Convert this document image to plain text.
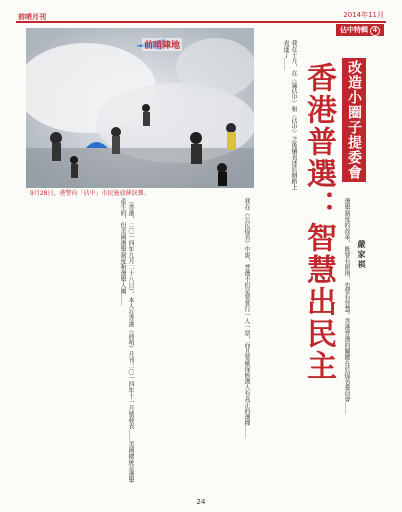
前哨月刊	2014年11月
佔中特輯 4
前哨陣地
9月28日，港警向「佔中」市民施放催淚彈。
改造小圈子提委會
香港普選：智慧出民主	嚴家祺
我在十月，在〈論佔中〉和〈佔中〉之後續表述於網路上表達了……
選舉制度的改革，既要有原則，也要有智慧。香港普選的關鍵在於提名委員會……
我在《公民提名》中說，普選不但是要實行一人一票，而且要確保候選人有真正的選擇……
（香港，二〇一四年九月二十八日），本人在香港《前哨》月刊二〇一四年十一月號發表……美國總統是選舉產生的，但美國選舉制度和選舉人團……
24
